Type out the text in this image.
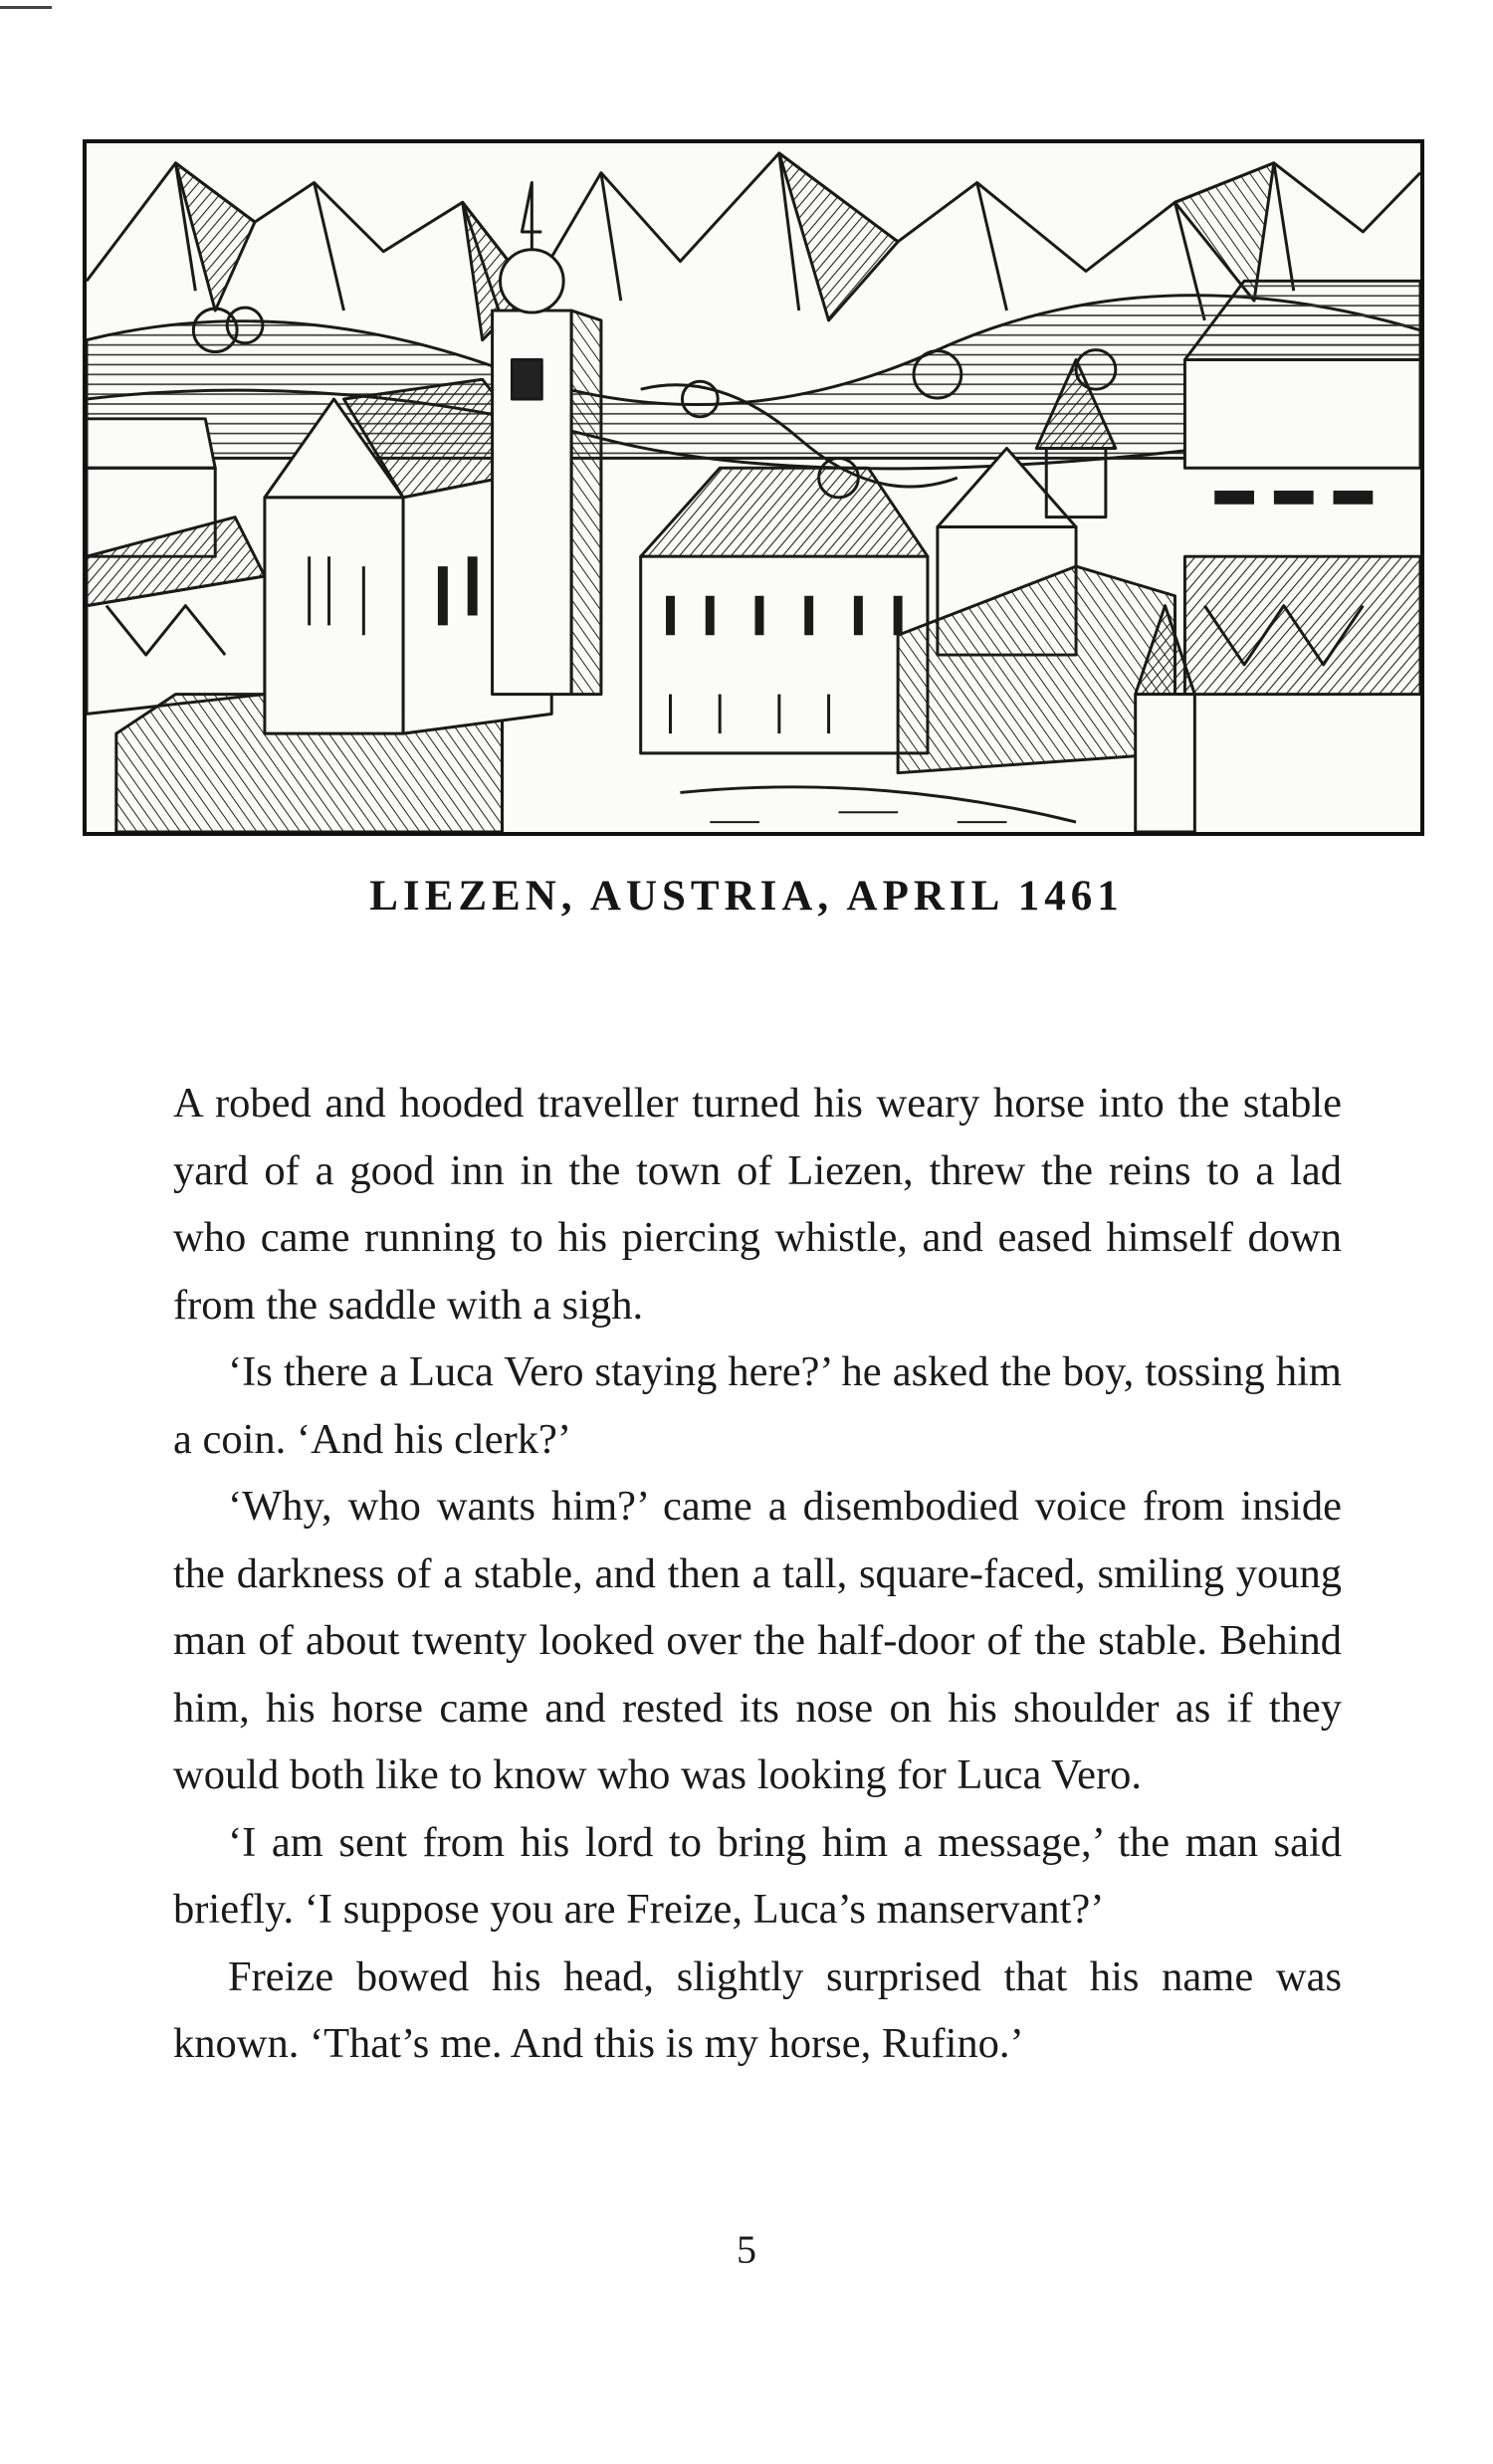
LIEZEN, AUSTRIA, APRIL 1461

A robed and hooded traveller turned his weary horse into the stable yard of a good inn in the town of Liezen, threw the reins to a lad who came running to his piercing whistle, and eased himself down from the saddle with a sigh.

‘Is there a Luca Vero staying here?’ he asked the boy, tossing him a coin. ‘And his clerk?’

‘Why, who wants him?’ came a disembodied voice from inside the darkness of a stable, and then a tall, square-faced, smiling young man of about twenty looked over the half-door of the stable. Behind him, his horse came and rested its nose on his shoulder as if they would both like to know who was looking for Luca Vero.

‘I am sent from his lord to bring him a message,’ the man said briefly. ‘I suppose you are Freize, Luca’s manservant?’

Freize bowed his head, slightly surprised that his name was known. ‘That’s me. And this is my horse, Rufino.’

5
